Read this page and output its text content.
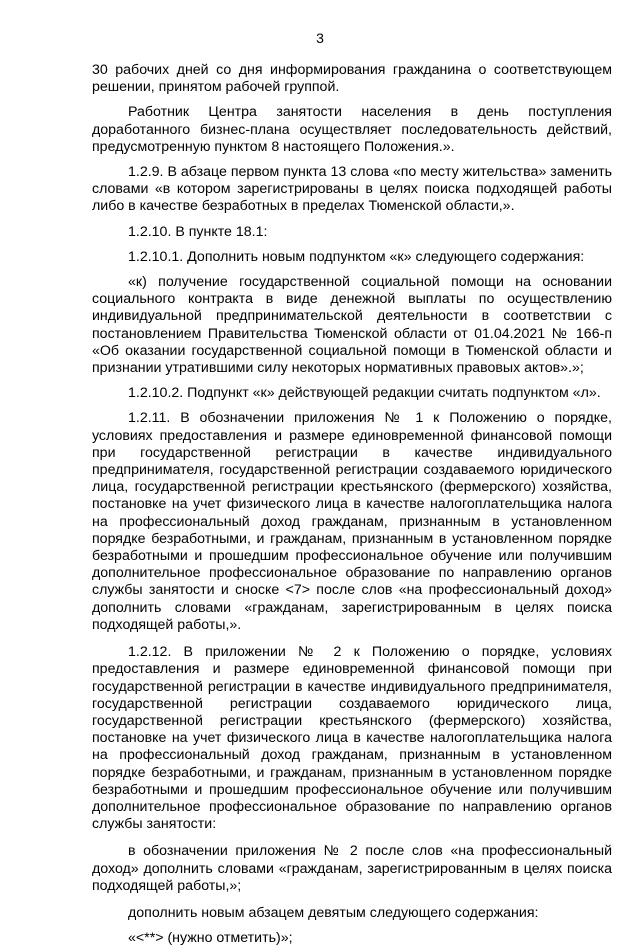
3

30 рабочих дней со дня информирования гражданина о соответствующем решении, принятом рабочей группой.

Работник Центра занятости населения в день поступления доработанного бизнес-плана осуществляет последовательность действий, предусмотренную пунктом 8 настоящего Положения.».

1.2.9. В абзаце первом пункта 13 слова «по месту жительства» заменить словами «в котором зарегистрированы в целях поиска подходящей работы либо в качестве безработных в пределах Тюменской области,».

1.2.10. В пункте 18.1:

1.2.10.1. Дополнить новым подпунктом «к» следующего содержания:

«к) получение государственной социальной помощи на основании социального контракта в виде денежной выплаты по осуществлению индивидуальной предпринимательской деятельности в соответствии с постановлением Правительства Тюменской области от 01.04.2021 № 166-п «Об оказании государственной социальной помощи в Тюменской области и признании утратившими силу некоторых нормативных правовых актов».»;

1.2.10.2. Подпункт «к» действующей редакции считать подпунктом «л».

1.2.11. В обозначении приложения № 1 к Положению о порядке, условиях предоставления и размере единовременной финансовой помощи при государственной регистрации в качестве индивидуального предпринимателя, государственной регистрации создаваемого юридического лица, государственной регистрации крестьянского (фермерского) хозяйства, постановке на учет физического лица в качестве налогоплательщика налога на профессиональный доход гражданам, признанным в установленном порядке безработными, и гражданам, признанным в установленном порядке безработными и прошедшим профессиональное обучение или получившим дополнительное профессиональное образование по направлению органов службы занятости и сноске <7> после слов «на профессиональный доход» дополнить словами «гражданам, зарегистрированным в целях поиска подходящей работы,».

1.2.12. В приложении № 2 к Положению о порядке, условиях предоставления и размере единовременной финансовой помощи при государственной регистрации в качестве индивидуального предпринимателя, государственной регистрации создаваемого юридического лица, государственной регистрации крестьянского (фермерского) хозяйства, постановке на учет физического лица в качестве налогоплательщика налога на профессиональный доход гражданам, признанным в установленном порядке безработными, и гражданам, признанным в установленном порядке безработными и прошедшим профессиональное обучение или получившим дополнительное профессиональное образование по направлению органов службы занятости:

в обозначении приложения № 2 после слов «на профессиональный доход» дополнить словами «гражданам, зарегистрированным в целях поиска подходящей работы,»;

дополнить новым абзацем девятым следующего содержания:

«<**> (нужно отметить)»;
